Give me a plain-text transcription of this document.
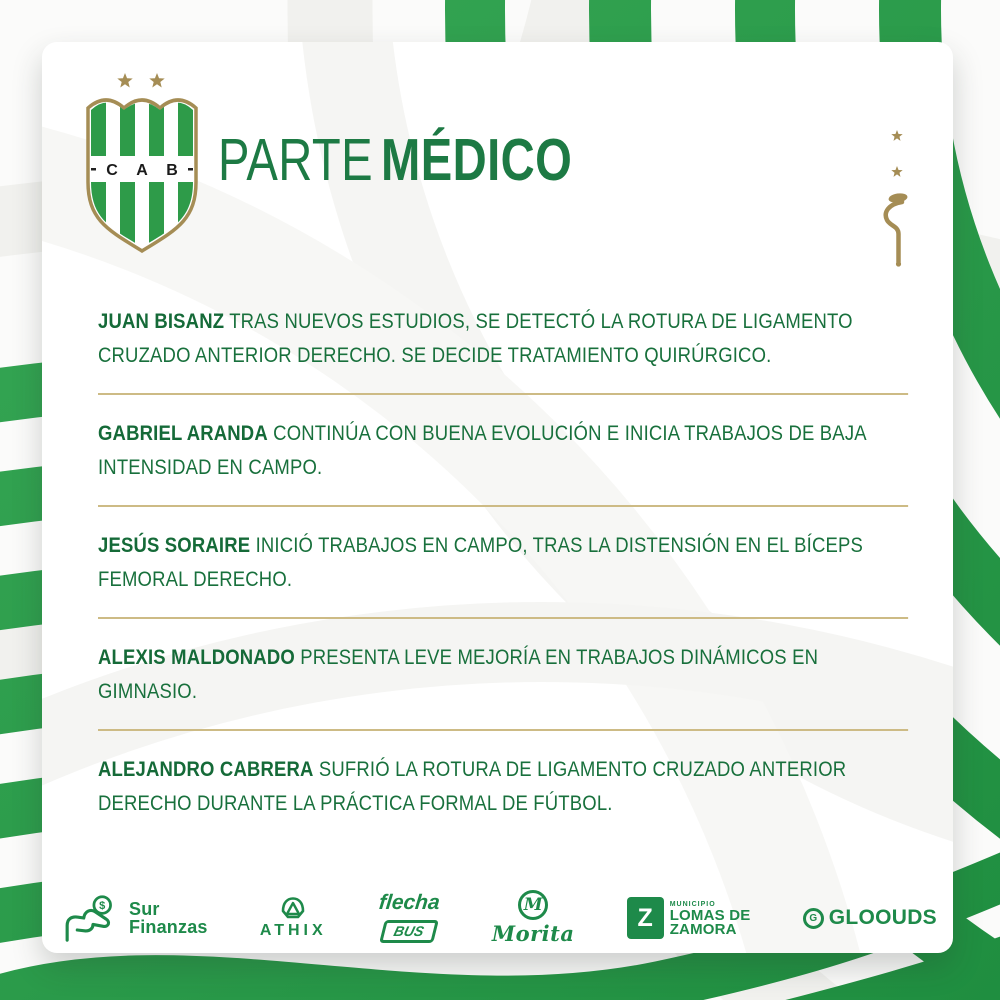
C A B PARTE MÉDICO

JUAN BISANZ TRAS NUEVOS ESTUDIOS, SE DETECTÓ LA ROTURA DE LIGAMENTO CRUZADO ANTERIOR DERECHO. SE DECIDE TRATAMIENTO QUIRÚRGICO.

GABRIEL ARANDA CONTINÚA CON BUENA EVOLUCIÓN E INICIA TRABAJOS DE BAJA INTENSIDAD EN CAMPO.

JESÚS SORAIRE INICIÓ TRABAJOS EN CAMPO, TRAS LA DISTENSIÓN EN EL BÍCEPS FEMORAL DERECHO.

ALEXIS MALDONADO PRESENTA LEVE MEJORÍA EN TRABAJOS DINÁMICOS EN GIMNASIO.

ALEJANDRO CABRERA SUFRIÓ LA ROTURA DE LIGAMENTO CRUZADO ANTERIOR DERECHO DURANTE LA PRÁCTICA FORMAL DE FÚTBOL.

$ Sur
Finanzas	ATHIX
flecha
BUS
M
Morita
Z	MUNICIPIO
LOMAS DE
ZAMORA
G GLOOUDS
